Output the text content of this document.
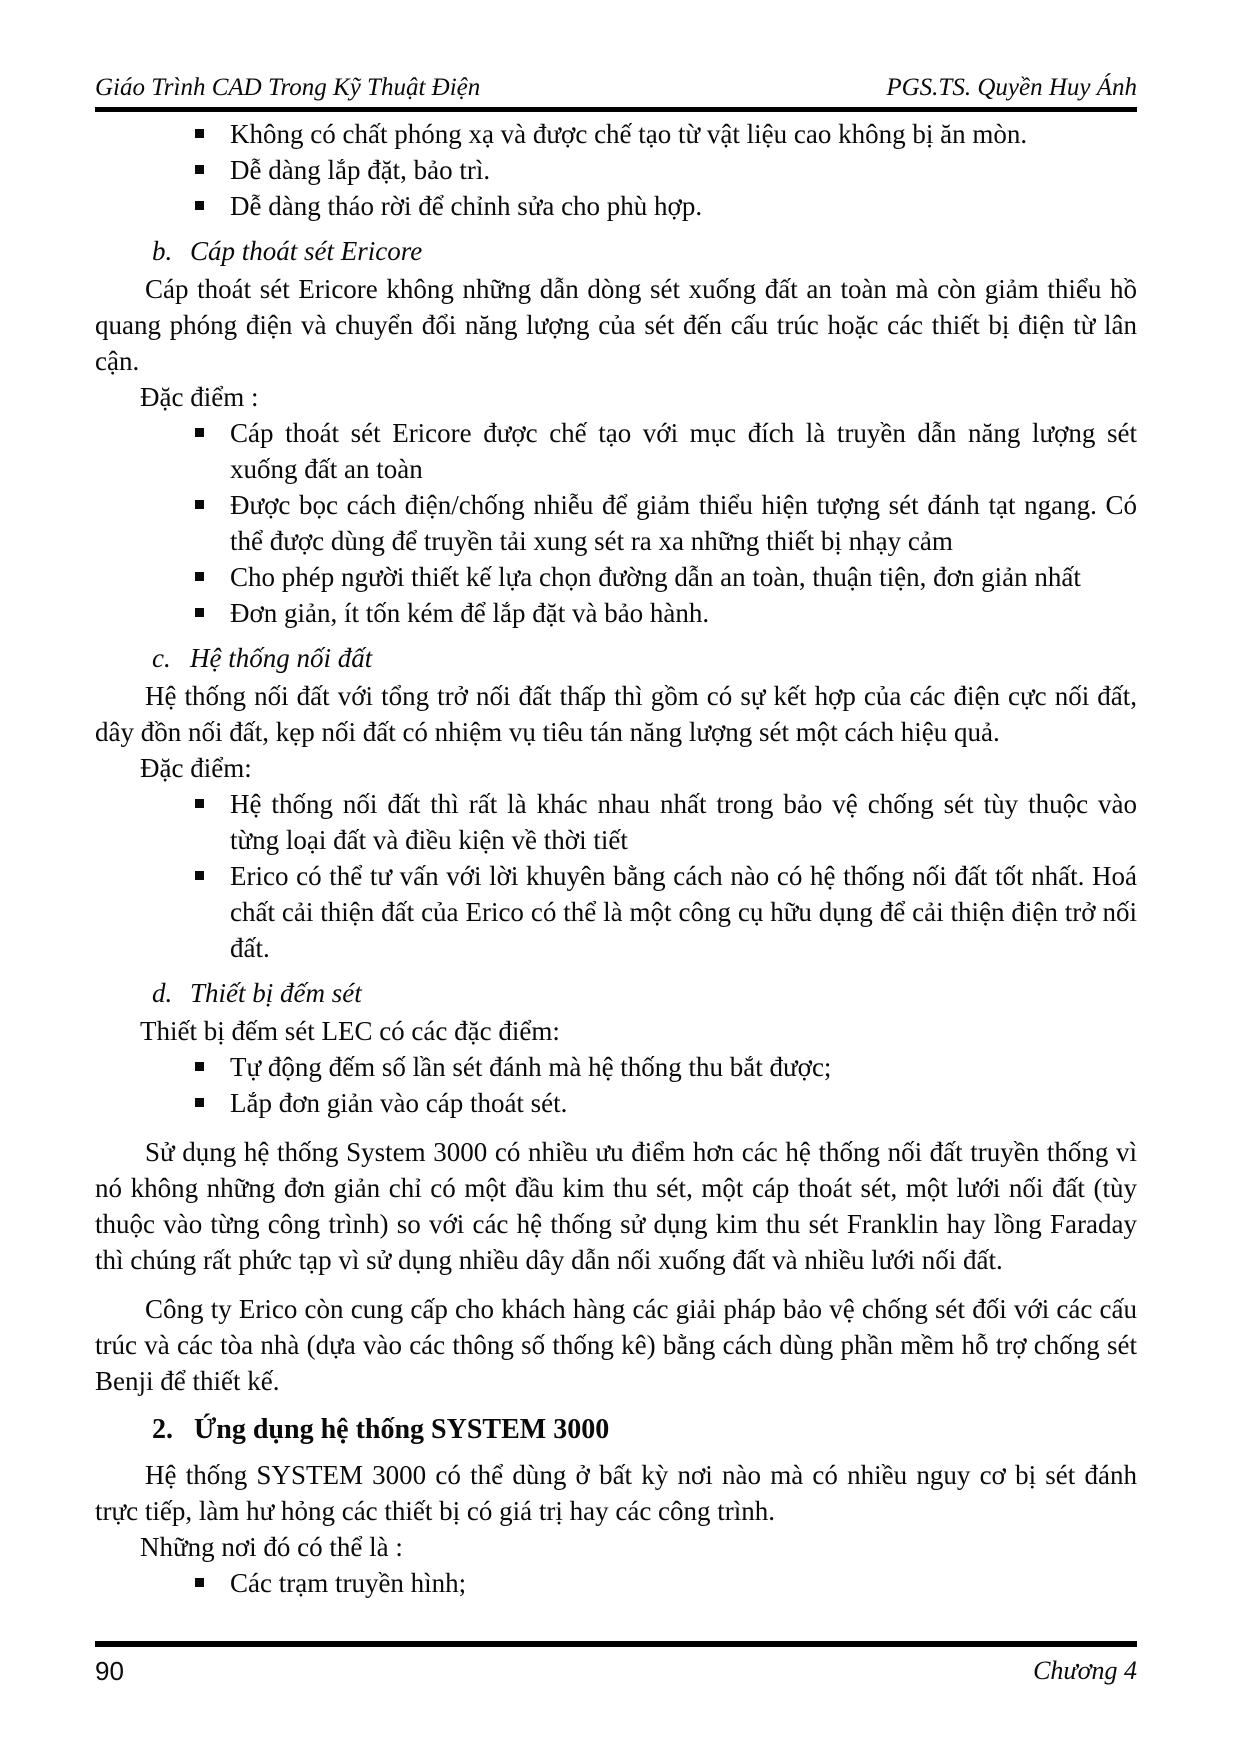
Giáo Trình CAD Trong Kỹ Thuật Điện	PGS.TS. Quyền Huy Ánh
Không có chất phóng xạ và được chế tạo từ vật liệu cao không bị ăn mòn.
Dễ dàng lắp đặt, bảo trì.
Dễ dàng tháo rời để chỉnh sửa cho phù hợp.
b. Cáp thoát sét Ericore
Cáp thoát sét Ericore không những dẫn dòng sét xuống đất an toàn mà còn giảm thiểu hồ quang phóng điện và chuyển đổi năng lượng của sét đến cấu trúc hoặc các thiết bị điện từ lân cận.
Đặc điểm :
Cáp thoát sét Ericore được chế tạo với mục đích là truyền dẫn năng lượng sét xuống đất an toàn
Được bọc cách điện/chống nhiễu để giảm thiểu hiện tượng sét đánh tạt ngang. Có thể được dùng để truyền tải xung sét ra xa những thiết bị nhạy cảm
Cho phép người thiết kế lựa chọn đường dẫn an toàn, thuận tiện, đơn giản nhất
Đơn giản, ít tốn kém để lắp đặt và bảo hành.
c. Hệ thống nối đất
Hệ thống nối đất với tổng trở nối đất thấp thì gồm có sự kết hợp của các điện cực nối đất, dây đồn nối đất, kẹp nối đất có nhiệm vụ tiêu tán năng lượng sét một cách hiệu quả.
Đặc điểm:
Hệ thống nối đất thì rất là khác nhau nhất trong bảo vệ chống sét tùy thuộc vào từng loại đất và điều kiện về thời tiết
Erico có thể tư vấn với lời khuyên bằng cách nào có hệ thống nối đất tốt nhất. Hoá chất cải thiện đất của Erico có thể là một công cụ hữu dụng để cải thiện điện trở nối đất.
d. Thiết bị đếm sét
Thiết bị đếm sét LEC có các đặc điểm:
Tự động đếm số lần sét đánh mà hệ thống thu bắt được;
Lắp đơn giản vào cáp thoát sét.
Sử dụng hệ thống System 3000 có nhiều ưu điểm hơn các hệ thống nối đất truyền thống vì nó không những đơn giản chỉ có một đầu kim thu sét, một cáp thoát sét, một lưới nối đất (tùy thuộc vào từng công trình) so với các hệ thống sử dụng kim thu sét Franklin hay lồng Faraday thì chúng rất phức tạp vì sử dụng nhiều dây dẫn nối xuống đất và nhiều lưới nối đất.
Công ty Erico còn cung cấp cho khách hàng các giải pháp bảo vệ chống sét đối với các cấu trúc và các tòa nhà (dựa vào các thông số thống kê) bằng cách dùng phần mềm hỗ trợ chống sét Benji để thiết kế.
2. Ứng dụng hệ thống SYSTEM 3000
Hệ thống SYSTEM 3000 có thể dùng ở bất kỳ nơi nào mà có nhiều nguy cơ bị sét đánh trực tiếp, làm hư hỏng các thiết bị có giá trị hay các công trình.
Những nơi đó có thể là :
Các trạm truyền hình;
90	Chương 4
